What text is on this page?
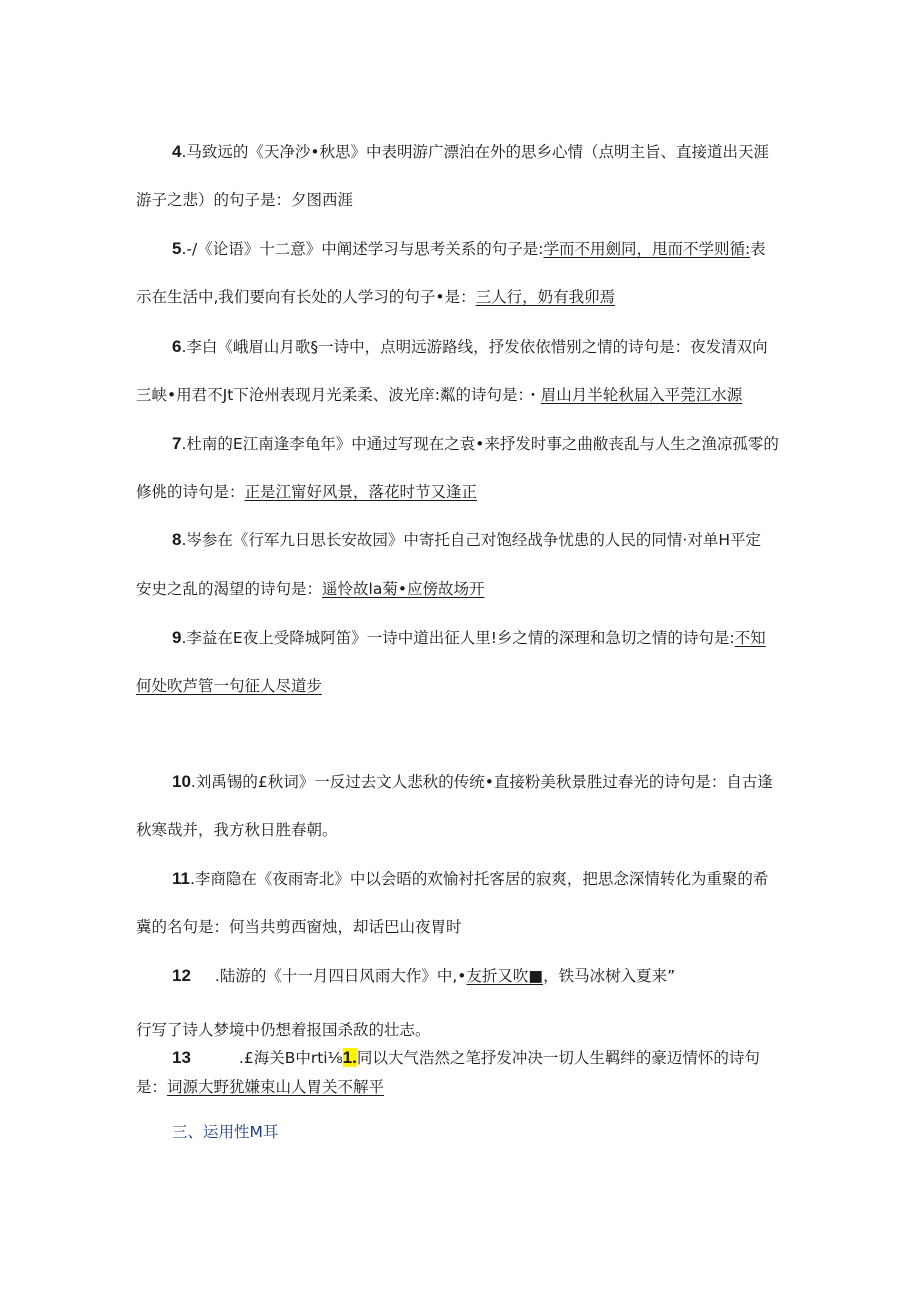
4.马致远的《天净沙•秋思》中表明游广漂泊在外的思乡心情（点明主旨、直接道出天涯
游子之悲）的句子是：夕图西涯
5.-/《论语》十二意》中阐述学习与思考关系的句子是:学而不用劍同，甩而不学则循:表
示在生活中,我们要向有长处的人学习的句子•是：三人行，奶有我卯焉
6.李白《峨眉山月歌§一诗中，点明远游路线，抒发依依惜别之情的诗句是：夜发清双向
三峡•用君不Jt下沧州表现月光柔柔、波光庠:粼的诗句是：・眉山月半轮秋届入平莞江水源
7.杜南的E江南逢李龟年》中通过写现在之袁•来抒发时事之曲敝丧乱与人生之渔凉孤零的
修佻的诗句是：正是江甯好风景，落花时节又逢正
8.岑参在《行军九日思长安故园》中寄托自己对饱经战争忧患的人民的同情·对单H平定
安史之乱的渴望的诗句是：遥怜故la菊•应傍故场开
9.李益在E夜上受降城阿笛》一诗中道出征人里!乡之情的深理和急切之情的诗句是:不知
何处吹芦管一句征人尽道步
10.刘禹锡的£秋词》一反过去文人悲秋的传统•直接粉美秋景胜过春光的诗句是：自古逢
秋寒哉并，我方秋日胜春朝。
11.李商隐在《夜雨寄北》中以会晤的欢愉衬托客居的寂爽，把思念深情转化为重聚的希
冀的名句是：何当共剪西窗烛，却话巴山夜胃时
12 .陆游的《十一月四日风雨大作》中,•友折又吹■，铁马冰树入夏来”
行写了诗人梦境中仍想着报国杀敌的壮志。
13	.£海关B中rti⅛1.同以大气浩然之笔抒发冲决一切人生羁绊的豪迈情怀的诗句
是：词源大野犹嫌束山人胃关不解平
三、运用性M耳
